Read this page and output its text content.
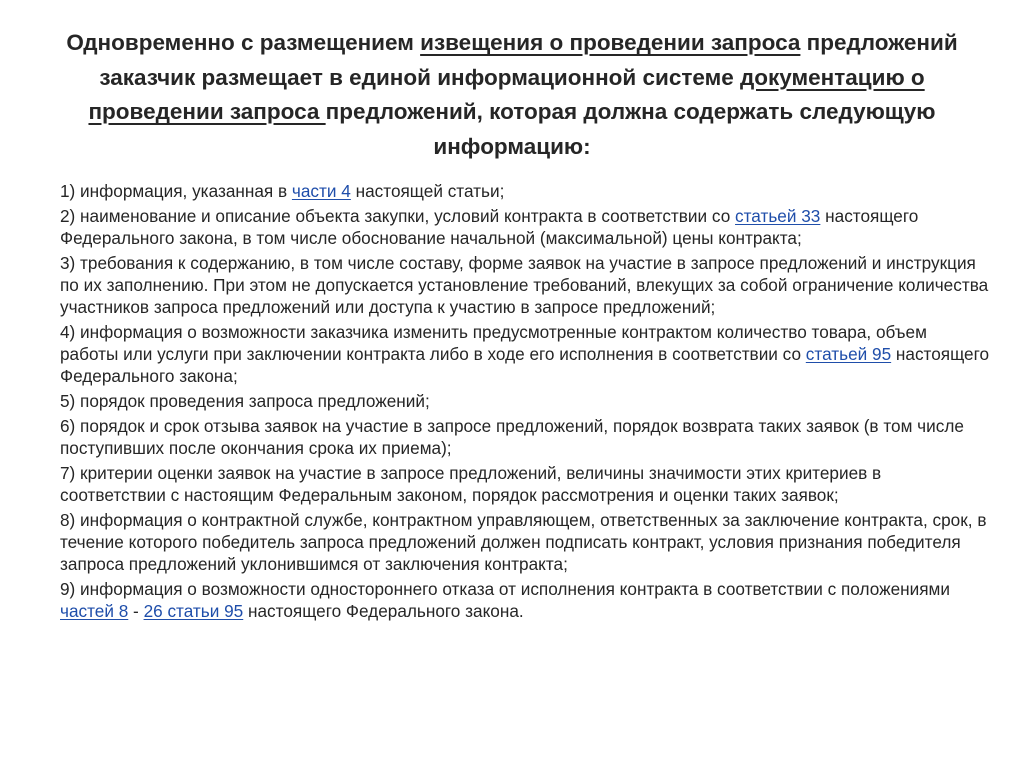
Одновременно с размещением извещения о проведении запроса предложений заказчик размещает в единой информационной системе документацию о проведении запроса предложений, которая должна содержать следующую информацию:
1) информация, указанная в части 4 настоящей статьи;
2) наименование и описание объекта закупки, условий контракта в соответствии со статьей 33 настоящего Федерального закона, в том числе обоснование начальной (максимальной) цены контракта;
3) требования к содержанию, в том числе составу, форме заявок на участие в запросе предложений и инструкция по их заполнению. При этом не допускается установление требований, влекущих за собой ограничение количества участников запроса предложений или доступа к участию в запросе предложений;
4) информация о возможности заказчика изменить предусмотренные контрактом количество товара, объем работы или услуги при заключении контракта либо в ходе его исполнения в соответствии со статьей 95 настоящего Федерального закона;
5) порядок проведения запроса предложений;
6) порядок и срок отзыва заявок на участие в запросе предложений, порядок возврата таких заявок (в том числе поступивших после окончания срока их приема);
7) критерии оценки заявок на участие в запросе предложений, величины значимости этих критериев в соответствии с настоящим Федеральным законом, порядок рассмотрения и оценки таких заявок;
8) информация о контрактной службе, контрактном управляющем, ответственных за заключение контракта, срок, в течение которого победитель запроса предложений должен подписать контракт, условия признания победителя запроса предложений уклонившимся от заключения контракта;
9) информация о возможности одностороннего отказа от исполнения контракта в соответствии с положениями частей 8 - 26 статьи 95 настоящего Федерального закона.
